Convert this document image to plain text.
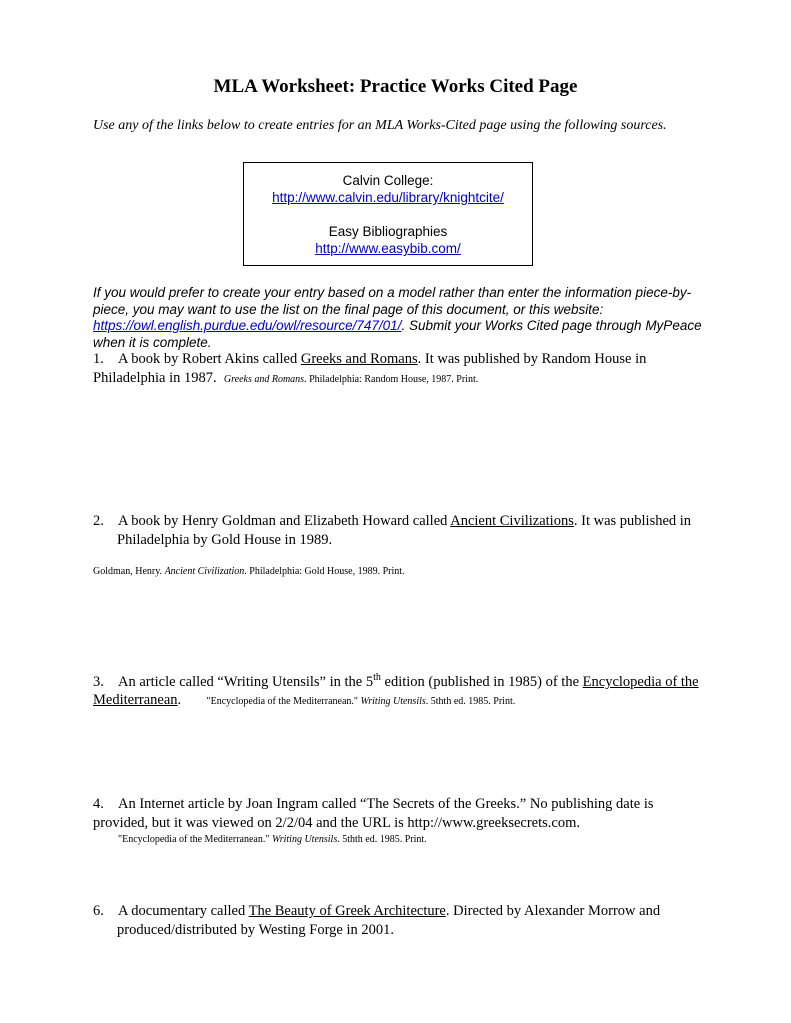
MLA Worksheet: Practice Works Cited Page
Use any of the links below to create entries for an MLA Works-Cited page using the following sources.
Calvin College:
http://www.calvin.edu/library/knightcite/
Easy Bibliographies
http://www.easybib.com/
If you would prefer to create your entry based on a model rather than enter the information piece-by-piece, you may want to use the list on the final page of this document, or this website: https://owl.english.purdue.edu/owl/resource/747/01/. Submit your Works Cited page through MyPeace when it is complete.
1. A book by Robert Akins called Greeks and Romans. It was published by Random House in Philadelphia in 1987. Greeks and Romans. Philadelphia: Random House, 1987. Print.
2. A book by Henry Goldman and Elizabeth Howard called Ancient Civilizations. It was published in Philadelphia by Gold House in 1989.
Goldman, Henry. Ancient Civilization. Philadelphia: Gold House, 1989. Print.
3. An article called “Writing Utensils” in the 5th edition (published in 1985) of the Encyclopedia of the Mediterranean.	"Encyclopedia of the Mediterranean." Writing Utensils. 5thth ed. 1985. Print.
4. An Internet article by Joan Ingram called “The Secrets of the Greeks.” No publishing date is provided, but it was viewed on 2/2/04 and the URL is http://www.greeksecrets.com.
"Encyclopedia of the Mediterranean." Writing Utensils. 5thth ed. 1985. Print.
6. A documentary called The Beauty of Greek Architecture. Directed by Alexander Morrow and produced/distributed by Westing Forge in 2001.
